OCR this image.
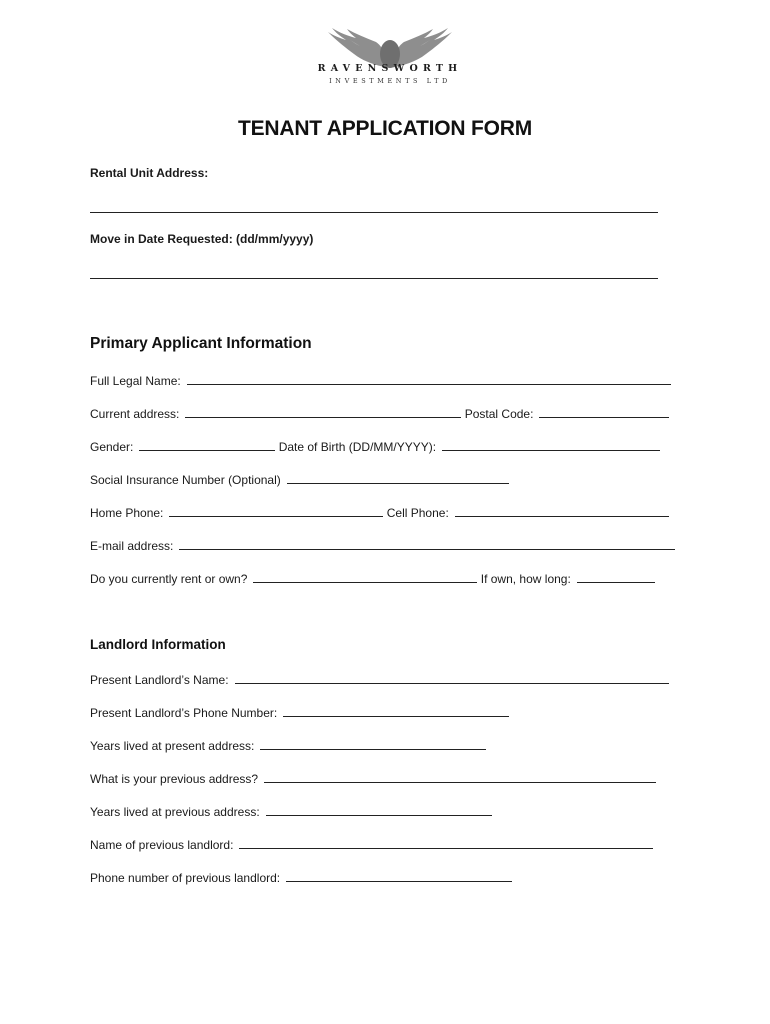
RAVENSWORTH
INVESTMENTS LTD
TENANT APPLICATION FORM
Rental Unit Address:
Move in Date Requested: (dd/mm/yyyy)
Primary Applicant Information
Full Legal Name:
Current address:	Postal Code:
Gender:	Date of Birth (DD/MM/YYYY):
Social Insurance Number (Optional)
Home Phone:	Cell Phone:
E-mail address:
Do you currently rent or own?	If own, how long:
Landlord Information
Present Landlord’s Name:
Present Landlord’s Phone Number:
Years lived at present address:
What is your previous address?
Years lived at previous address:
Name of previous landlord:
Phone number of previous landlord:
